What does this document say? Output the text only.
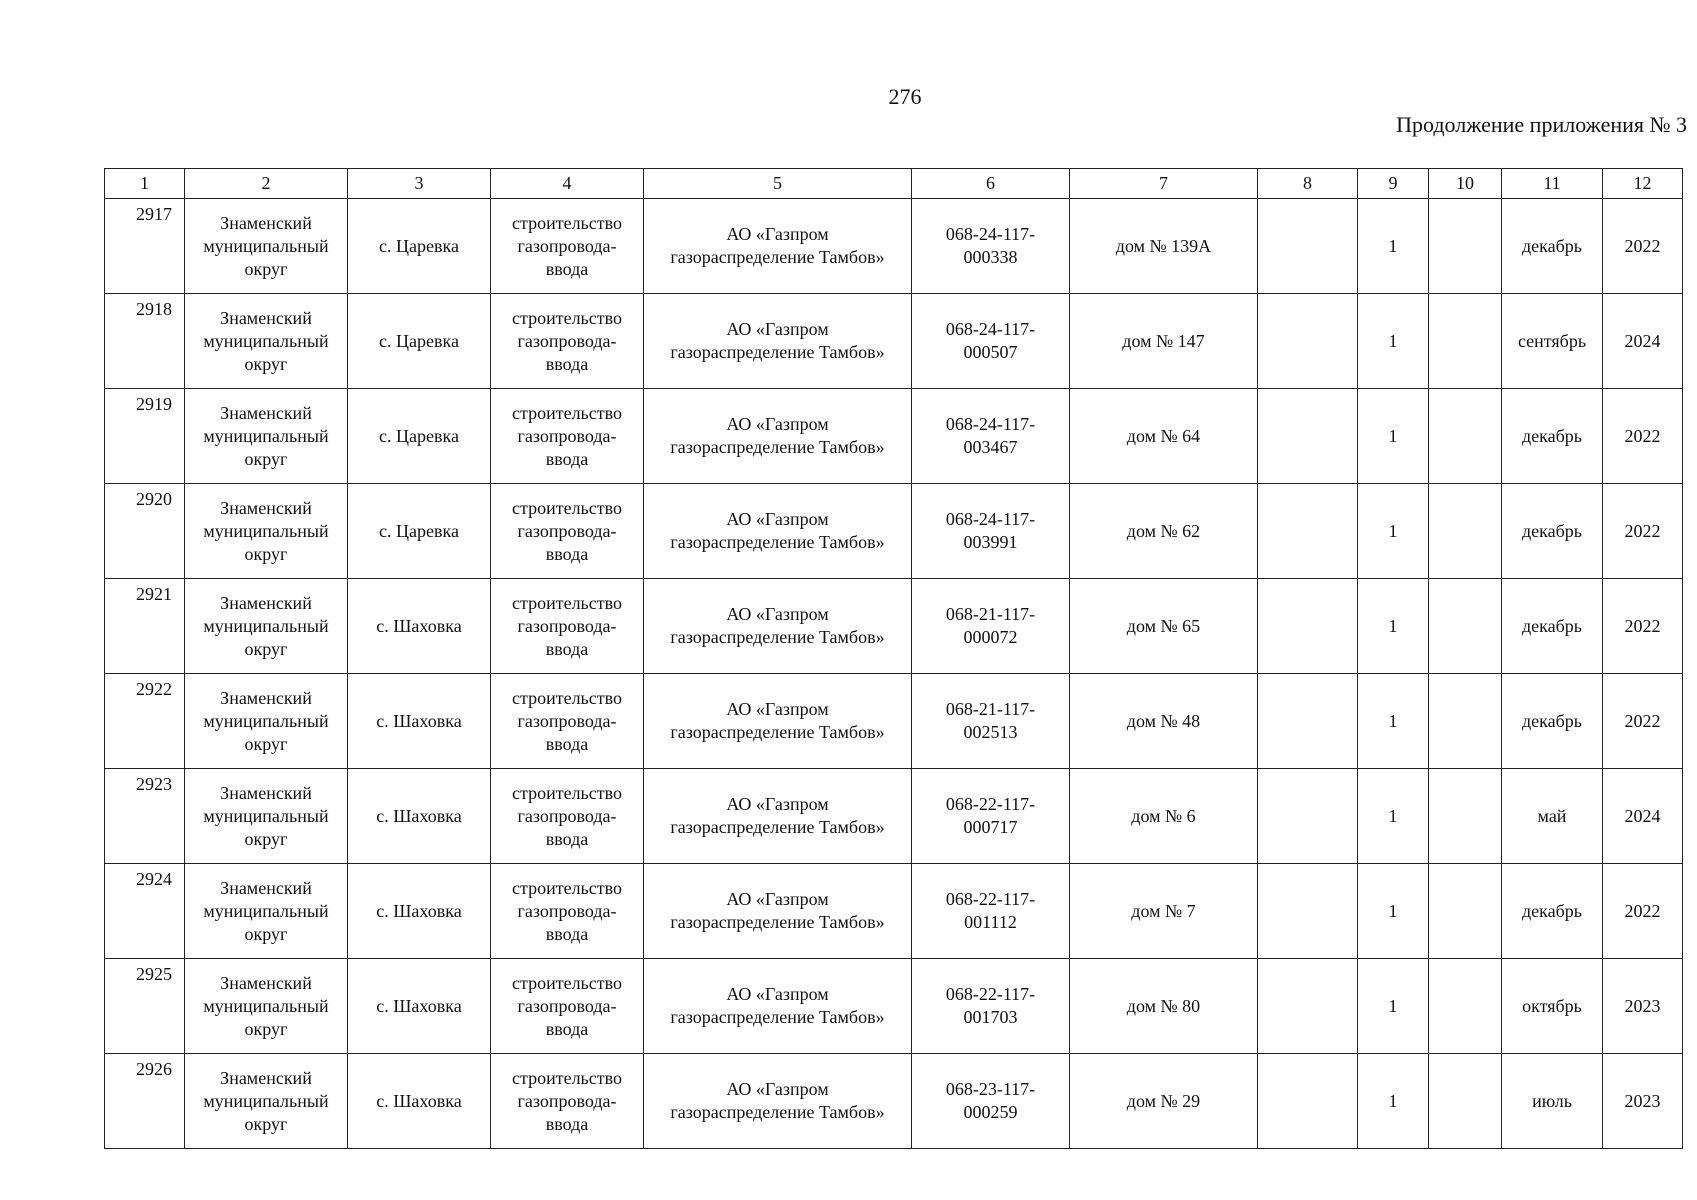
276
Продолжение приложения № 3
1	2	3	4	5	6	7	8	9	10	11	12
2917	Знаменский
муниципальный
округ	с. Царевка	строительство
газопровода-
ввода	АО «Газпром
газораспределение Тамбов»	068-24-117-
000338	дом № 139А		1		декабрь	2022
2918	Знаменский
муниципальный
округ	с. Царевка	строительство
газопровода-
ввода	АО «Газпром
газораспределение Тамбов»	068-24-117-
000507	дом № 147		1		сентябрь	2024
2919	Знаменский
муниципальный
округ	с. Царевка	строительство
газопровода-
ввода	АО «Газпром
газораспределение Тамбов»	068-24-117-
003467	дом № 64		1		декабрь	2022
2920	Знаменский
муниципальный
округ	с. Царевка	строительство
газопровода-
ввода	АО «Газпром
газораспределение Тамбов»	068-24-117-
003991	дом № 62		1		декабрь	2022
2921	Знаменский
муниципальный
округ	с. Шаховка	строительство
газопровода-
ввода	АО «Газпром
газораспределение Тамбов»	068-21-117-
000072	дом № 65		1		декабрь	2022
2922	Знаменский
муниципальный
округ	с. Шаховка	строительство
газопровода-
ввода	АО «Газпром
газораспределение Тамбов»	068-21-117-
002513	дом № 48		1		декабрь	2022
2923	Знаменский
муниципальный
округ	с. Шаховка	строительство
газопровода-
ввода	АО «Газпром
газораспределение Тамбов»	068-22-117-
000717	дом № 6		1		май	2024
2924	Знаменский
муниципальный
округ	с. Шаховка	строительство
газопровода-
ввода	АО «Газпром
газораспределение Тамбов»	068-22-117-
001112	дом № 7		1		декабрь	2022
2925	Знаменский
муниципальный
округ	с. Шаховка	строительство
газопровода-
ввода	АО «Газпром
газораспределение Тамбов»	068-22-117-
001703	дом № 80		1		октябрь	2023
2926	Знаменский
муниципальный
округ	с. Шаховка	строительство
газопровода-
ввода	АО «Газпром
газораспределение Тамбов»	068-23-117-
000259	дом № 29		1		июль	2023
